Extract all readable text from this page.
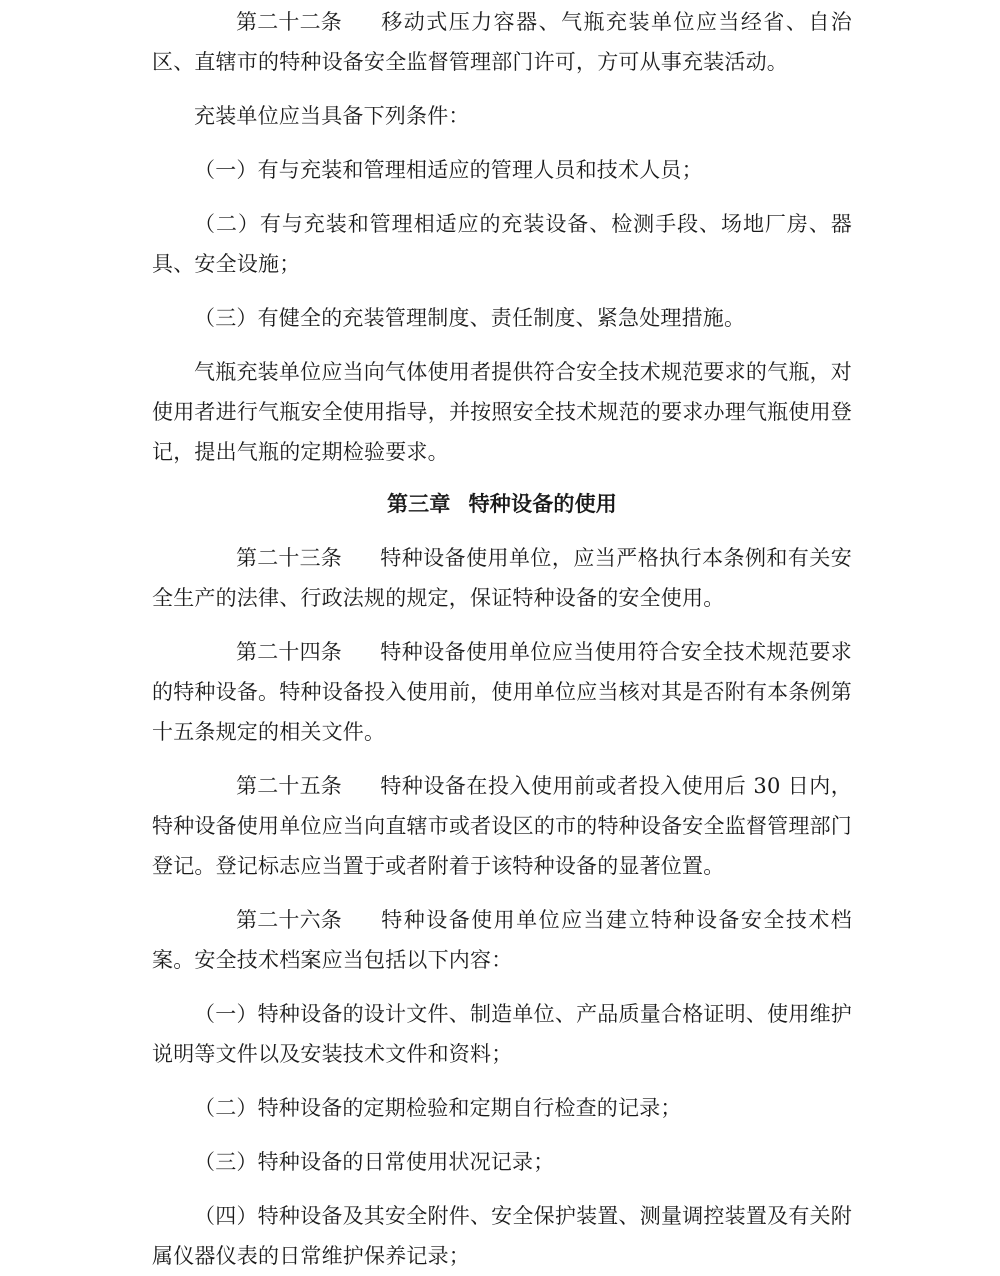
第二十二条 移动式压力容器、气瓶充装单位应当经省、自治区、直辖市的特种设备安全监督管理部门许可，方可从事充装活动。

充装单位应当具备下列条件：

（一）有与充装和管理相适应的管理人员和技术人员；

（二）有与充装和管理相适应的充装设备、检测手段、场地厂房、器具、安全设施；

（三）有健全的充装管理制度、责任制度、紧急处理措施。

气瓶充装单位应当向气体使用者提供符合安全技术规范要求的气瓶，对使用者进行气瓶安全使用指导，并按照安全技术规范的要求办理气瓶使用登记，提出气瓶的定期检验要求。

第三章 特种设备的使用

第二十三条 特种设备使用单位，应当严格执行本条例和有关安全生产的法律、行政法规的规定，保证特种设备的安全使用。

第二十四条 特种设备使用单位应当使用符合安全技术规范要求的特种设备。特种设备投入使用前，使用单位应当核对其是否附有本条例第十五条规定的相关文件。

第二十五条 特种设备在投入使用前或者投入使用后 30 日内，特种设备使用单位应当向直辖市或者设区的市的特种设备安全监督管理部门登记。登记标志应当置于或者附着于该特种设备的显著位置。

第二十六条 特种设备使用单位应当建立特种设备安全技术档案。安全技术档案应当包括以下内容：

（一）特种设备的设计文件、制造单位、产品质量合格证明、使用维护说明等文件以及安装技术文件和资料；

（二）特种设备的定期检验和定期自行检查的记录；

（三）特种设备的日常使用状况记录；

（四）特种设备及其安全附件、安全保护装置、测量调控装置及有关附属仪器仪表的日常维护保养记录；
